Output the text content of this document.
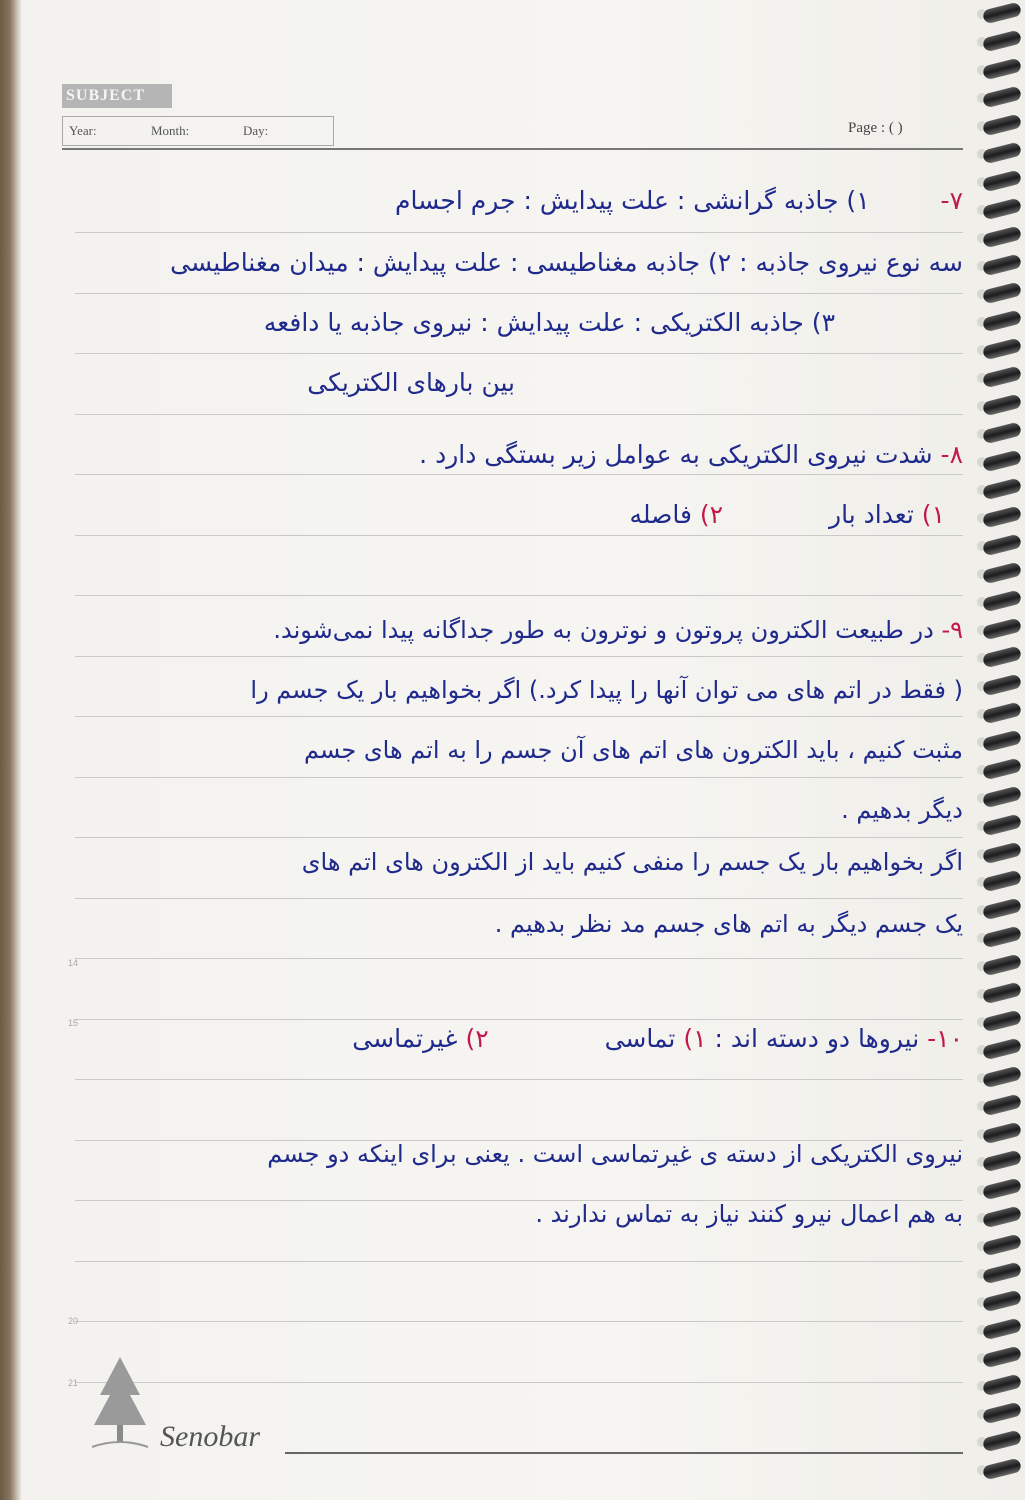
SUBJECT
Year:	Month:	Day:	Page : ( )
14
15
20
21
۷-  ۱) جاذبه گرانشی : علت پیدایش : جرم اجسام
سه نوع نیروی جاذبه : ۲) جاذبه مغناطیسی : علت پیدایش : میدان مغناطیسی
۳) جاذبه الکتریکی : علت پیدایش : نیروی جاذبه یا دافعه
بین بارهای الکتریکی
۸- شدت نیروی الکتریکی به عوامل زیر بستگی دارد .
۱) تعداد بار  ۲) فاصله
۹- در طبیعت الکترون پروتون و نوترون به طور جداگانه پیدا نمی‌شوند.
( فقط در اتم های می توان آنها را پیدا کرد.) اگر بخواهیم بار یک جسم را
مثبت کنیم ، باید الکترون های اتم های آن جسم را به اتم های جسم
دیگر بدهیم .
اگر بخواهیم بار یک جسم را منفی کنیم باید از الکترون های اتم های
یک جسم دیگر به اتم های جسم مد نظر بدهیم .
۱۰- نیروها دو دسته اند : ۱) تماسی  ۲) غیرتماسی
نیروی الکتریکی از دسته ی غیرتماسی است . یعنی برای اینکه دو جسم
به هم اعمال نیرو کنند نیاز به تماس ندارند .
Senobar
